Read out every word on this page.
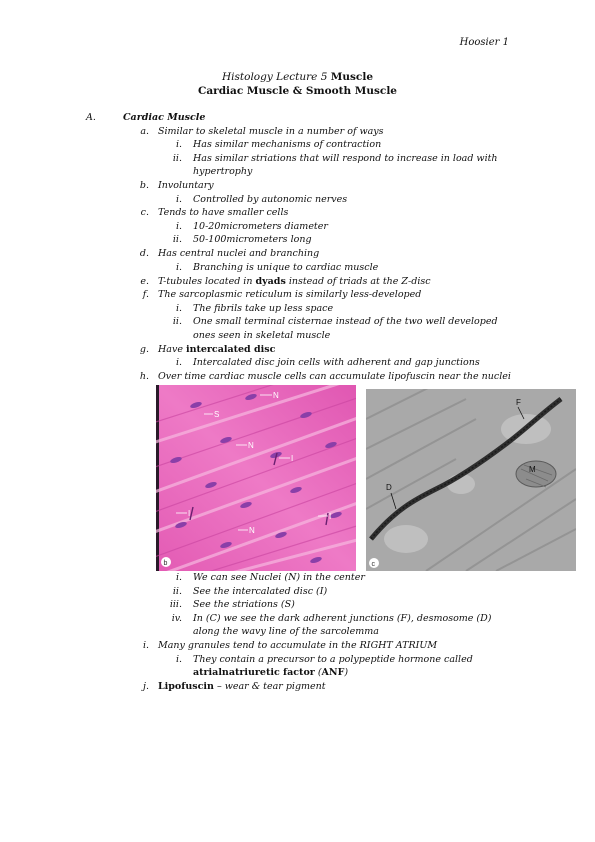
Hoosier 1
Histology Lecture 5 Muscle
Cardiac Muscle & Smooth Muscle
A.	Cardiac Muscle
a. Similar to skeletal muscle in a number of ways
i. Has similar mechanisms of contraction
ii. Has similar striations that will respond to increase in load with
hypertrophy
b. Involuntary
i. Controlled by autonomic nerves
c. Tends to have smaller cells
i. 10-20micrometers diameter
ii. 50-100micrometers long
d. Has central nuclei and branching
i. Branching is unique to cardiac muscle
e. T-tubules located in dyads instead of triads at the Z-disc
f. The sarcoplasmic reticulum is similarly less-developed
i. The fibrils take up less space
ii. One small terminal cisternae instead of the two well developed
ones seen in skeletal muscle
g. Have intercalated disc
i. Intercalated disc join cells with adherent and gap junctions
h. Over time cardiac muscle cells can accumulate lipofuscin near the nuclei
N
S
N
I
I	I
N
b
F
M
D
c
i. We can see Nuclei (N) in the center
ii. See the intercalated disc (I)
iii. See the striations (S)
iv. In (C) we see the dark adherent junctions (F), desmosome (D)
along the wavy line of the sarcolemma
i. Many granules tend to accumulate in the RIGHT ATRIUM
i. They contain a precursor to a polypeptide hormone called
atrialnatriuretic factor (ANF)
j. Lipofuscin – wear & tear pigment
